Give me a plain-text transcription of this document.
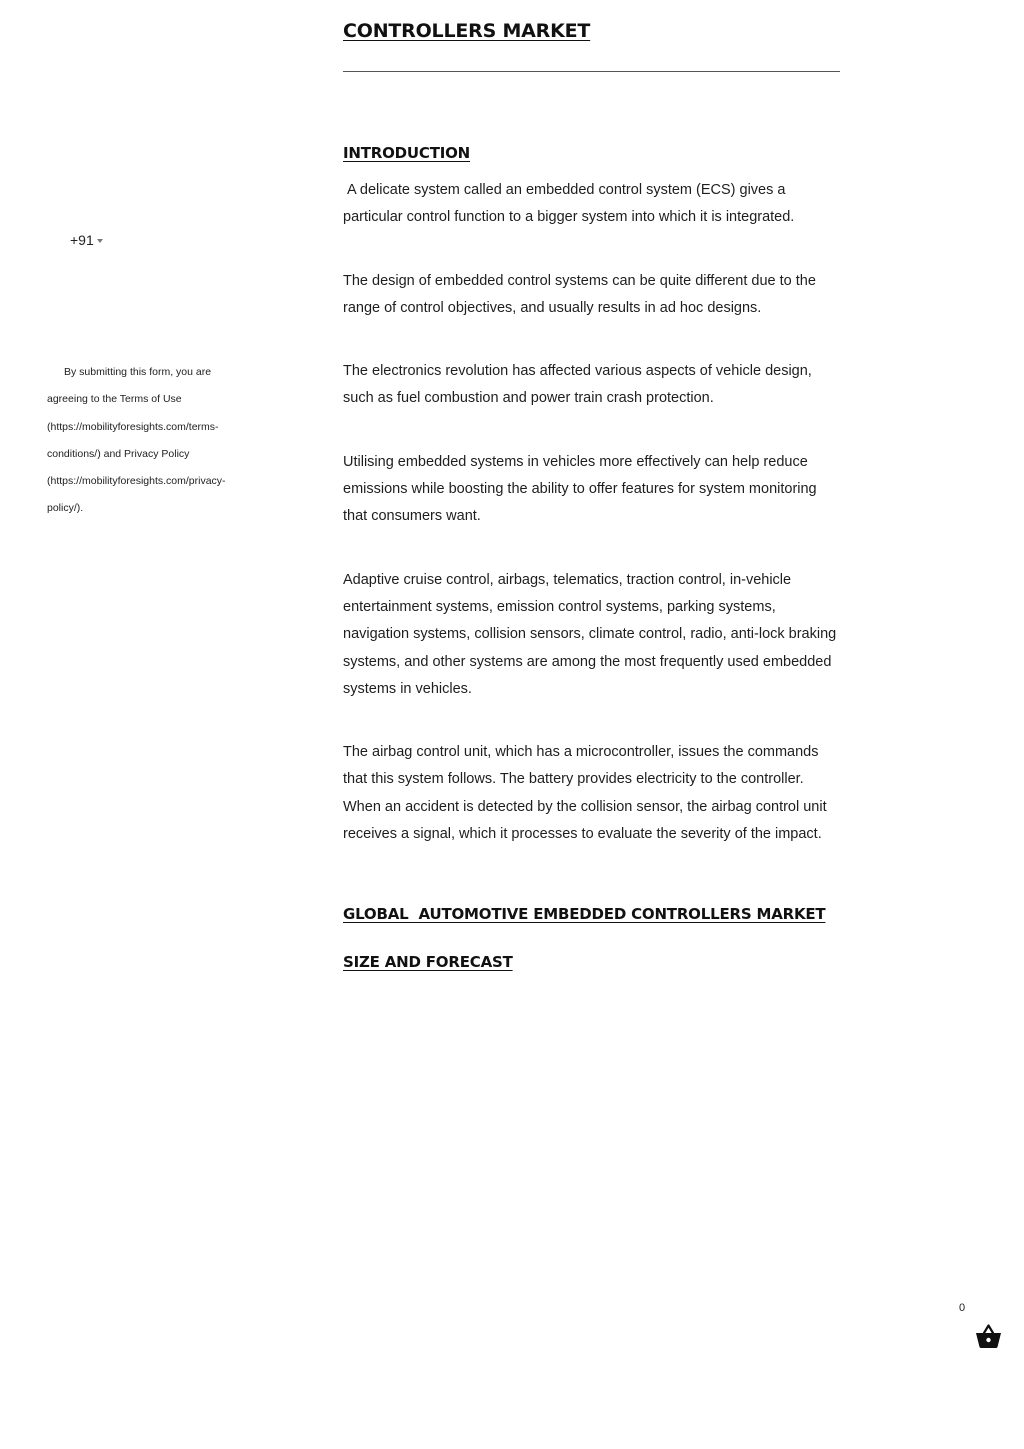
CONTROLLERS MARKET
INTRODUCTION

A delicate system called an embedded control system (ECS) gives a particular control function to a bigger system into which it is integrated.

The design of embedded control systems can be quite different due to the range of control objectives, and usually results in ad hoc designs.

The electronics revolution has affected various aspects of vehicle design, such as fuel combustion and power train crash protection.

Utilising embedded systems in vehicles more effectively can help reduce emissions while boosting the ability to offer features for system monitoring that consumers want.

Adaptive cruise control, airbags, telematics, traction control, in-vehicle entertainment systems, emission control systems, parking systems, navigation systems, collision sensors, climate control, radio, anti-lock braking systems, and other systems are among the most frequently used embedded systems in vehicles.

The airbag control unit, which has a microcontroller, issues the commands that this system follows. The battery provides electricity to the controller. When an accident is detected by the collision sensor, the airbag control unit receives a signal, which it processes to evaluate the severity of the impact.

GLOBAL  AUTOMOTIVE EMBEDDED CONTROLLERS MARKET
SIZE AND FORECAST
+91

By submitting this form, you are agreeing to the Terms of Use (https://mobilityforesights.com/terms-conditions/) and Privacy Policy (https://mobilityforesights.com/privacy-policy/).

0
